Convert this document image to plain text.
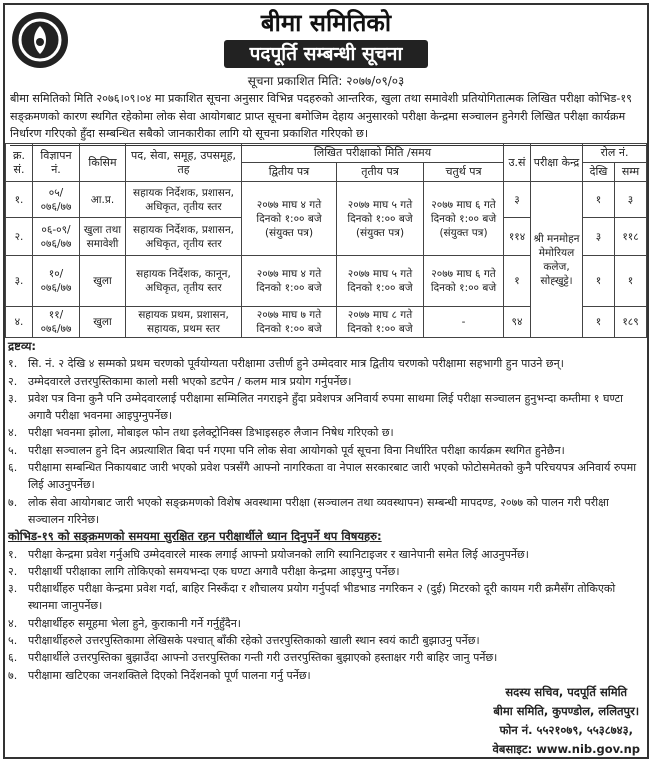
बीमा समितिको
पदपूर्ति सम्बन्धी सूचना
सूचना प्रकाशित मिति: २०७७/०९/०३
बीमा समितिको मिति २०७६।०९।०४ मा प्रकाशित सूचना अनुसार विभिन्न पदहरुको आन्तरिक, खुला तथा समावेशी प्रतियोगितात्मक लिखित परीक्षा कोभिड-१९ सङ्क्रमणको कारण स्थगित रहेकोमा लोक सेवा आयोगबाट प्राप्त सूचना बमोजिम देहाय अनुसारको परीक्षा केन्द्रमा सञ्चालन हुनेगरी लिखित परीक्षा कार्यक्रम निर्धारण गरिएको हुँदा सम्बन्धित सबैको जानकारीका लागि यो सूचना प्रकाशित गरिएको छ।
क्र. सं.	विज्ञापन नं.	किसिम	पद, सेवा, समूह, उपसमूह, तह	लिखित परीक्षाको मिति /समय			उ.सं	परीक्षा केन्द्र	रोल नं.	
				द्वितीय पत्र	तृतीय पत्र	चतुर्थ पत्र			देखि	सम्म
१.	०५/ ०७६/७७	आ.प्र.	सहायक निर्देशक, प्रशासन, अधिकृत, तृतीय स्तर	२०७७ माघ ४ गते दिनको १:०० बजे (संयुक्त पत्र)	२०७७ माघ ५ गते दिनको १:०० बजे (संयुक्त पत्र)	२०७७ माघ ६ गते दिनको १:०० बजे (संयुक्त पत्र)	३	श्री मनमोहन मेमोरियल कलेज, सोह्खुट्टे।	१	३
२.	०६-०९/ ०७६/७७	खुला तथा समावेशी	सहायक निर्देशक, प्रशासन, अधिकृत, तृतीय स्तर				११४		३	११८
३.	१०/ ०७६/७७	खुला	सहायक निर्देशक, कानून, अधिकृत, तृतीय स्तर	२०७७ माघ ४ गते दिनको १:०० बजे	२०७७ माघ ५ गते दिनको १:०० बजे	२०७७ माघ ६ गते दिनको १:०० बजे	१		१	१
४.	११/ ०७६/७७	खुला	सहायक प्रथम, प्रशासन, सहायक, प्रथम स्तर	२०७७ माघ ७ गते दिनको १:०० बजे	२०७७ माघ ८ गते दिनको १:०० बजे	-	९४		१	१८९
द्रष्टव्य:
१. सि. नं. २ देखि ४ सम्मको प्रथम चरणको पूर्वयोग्यता परीक्षामा उत्तीर्ण हुने उम्मेदवार मात्र द्वितीय चरणको परीक्षामा सहभागी हुन पाउने छन्।
२. उम्मेदवारले उत्तरपुस्तिकामा कालो मसी भएको डटपेन / कलम मात्र प्रयोग गर्नुपर्नेछ।
३. प्रवेश पत्र विना कुनै पनि उम्मेदवारलाई परीक्षामा सम्मिलित नगराइने हुँदा प्रवेशपत्र अनिवार्य रुपमा साथमा लिई परीक्षा सञ्चालन हुनुभन्दा कम्तीमा १ घण्टा अगावै परीक्षा भवनमा आइपुग्नुपर्नेछ।
४. परीक्षा भवनमा झोला, मोबाइल फोन तथा इलेक्ट्रोनिक्स डिभाइसहरु लैजान निषेध गरिएको छ।
५. परीक्षा सञ्चालन हुने दिन अप्रत्याशित बिदा पर्न गएमा पनि लोक सेवा आयोगको पूर्व सूचना विना निर्धारित परीक्षा कार्यक्रम स्थगित हुनेछैन।
६. परीक्षामा सम्बन्धित निकायबाट जारी भएको प्रवेश पत्रसँगै आफ्नो नागरिकता वा नेपाल सरकारबाट जारी भएको फोटोसमेतको कुनै परिचयपत्र अनिवार्य रुपमा लिई आउनुपर्नेछ।
७. लोक सेवा आयोगबाट जारी भएको सङ्क्रमणको विशेष अवस्थामा परीक्षा (सञ्चालन तथा व्यवस्थापन) सम्बन्धी मापदण्ड, २०७७ को पालन गरी परीक्षा सञ्चालन गरिनेछ।
कोभिड-१९ को सङ्क्रमणको समयमा सुरक्षित रहन परीक्षार्थीले ध्यान दिनुपर्ने थप विषयहरु:
१. परीक्षा केन्द्रमा प्रवेश गर्नुअघि उम्मेदवारले मास्क लगाई आफ्नो प्रयोजनको लागि स्यानिटाइजर र खानेपानी समेत लिई आउनुपर्नेछ।
२. परीक्षार्थी परीक्षाका लागि तोकिएको समयभन्दा एक घण्टा अगावै परीक्षा केन्द्रमा आइपुग्नु पर्नेछ।
३. परीक्षार्थीहरु परीक्षा केन्द्रमा प्रवेश गर्दा, बाहिर निस्कँदा र शौचालय प्रयोग गर्नुपर्दा भीडभाड नगरिकन २ (दुई) मिटरको दूरी कायम गरी क्रमैसँग तोकिएको स्थानमा जानुपर्नेछ।
४. परीक्षार्थीहरु समूहमा भेला हुने, कुराकानी गर्ने गर्नुहुँदैन।
५. परीक्षार्थीहरुले उत्तरपुस्तिकामा लेखिसके पश्चात् बाँकी रहेको उत्तरपुस्तिकाको खाली स्थान स्वयं काटी बुझाउनु पर्नेछ।
६. परीक्षार्थीले उत्तरपुस्तिका बुझाउँदा आफ्नो उत्तरपुस्तिका गन्ती गरी उत्तरपुस्तिका बुझाएको हस्ताक्षर गरी बाहिर जानु पर्नेछ।
७. परीक्षामा खटिएका जनशक्तिले दिएको निर्देशनको पूर्ण पालना गर्नु पर्नेछ।
सदस्य सचिव, पदपूर्ति समिति
बीमा समिति, कुपण्डोल, ललितपुर।
फोन नं. ५५२१०७९, ५५३८७४३,
वेबसाइट: www.nib.gov.np
